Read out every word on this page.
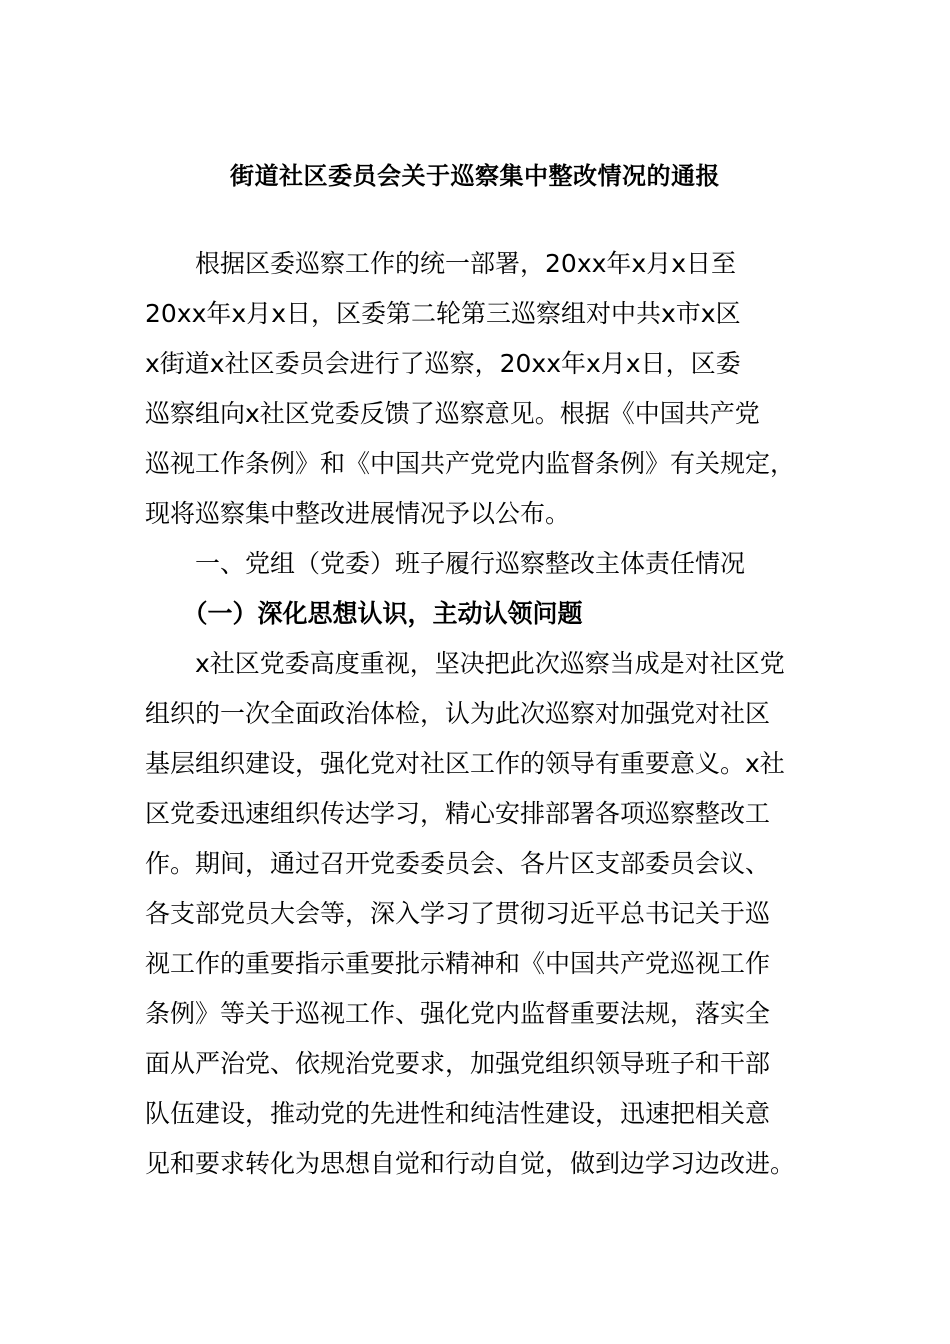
街道社区委员会关于巡察集中整改情况的通报
　　根据区委巡察工作的统一部署，20xx年x月x日至
20xx年x月x日，区委第二轮第三巡察组对中共x市x区
x街道x社区委员会进行了巡察，20xx年x月x日，区委
巡察组向x社区党委反馈了巡察意见。根据《中国共产党
巡视工作条例》和《中国共产党党内监督条例》有关规定，
现将巡察集中整改进展情况予以公布。
　　一、党组（党委）班子履行巡察整改主体责任情况
　　（一）深化思想认识，主动认领问题
　　x社区党委高度重视，坚决把此次巡察当成是对社区党
组织的一次全面政治体检，认为此次巡察对加强党对社区
基层组织建设，强化党对社区工作的领导有重要意义。x社
区党委迅速组织传达学习，精心安排部署各项巡察整改工
作。期间，通过召开党委委员会、各片区支部委员会议、
各支部党员大会等，深入学习了贯彻习近平总书记关于巡
视工作的重要指示重要批示精神和《中国共产党巡视工作
条例》等关于巡视工作、强化党内监督重要法规，落实全
面从严治党、依规治党要求，加强党组织领导班子和干部
队伍建设，推动党的先进性和纯洁性建设，迅速把相关意
见和要求转化为思想自觉和行动自觉，做到边学习边改进。
